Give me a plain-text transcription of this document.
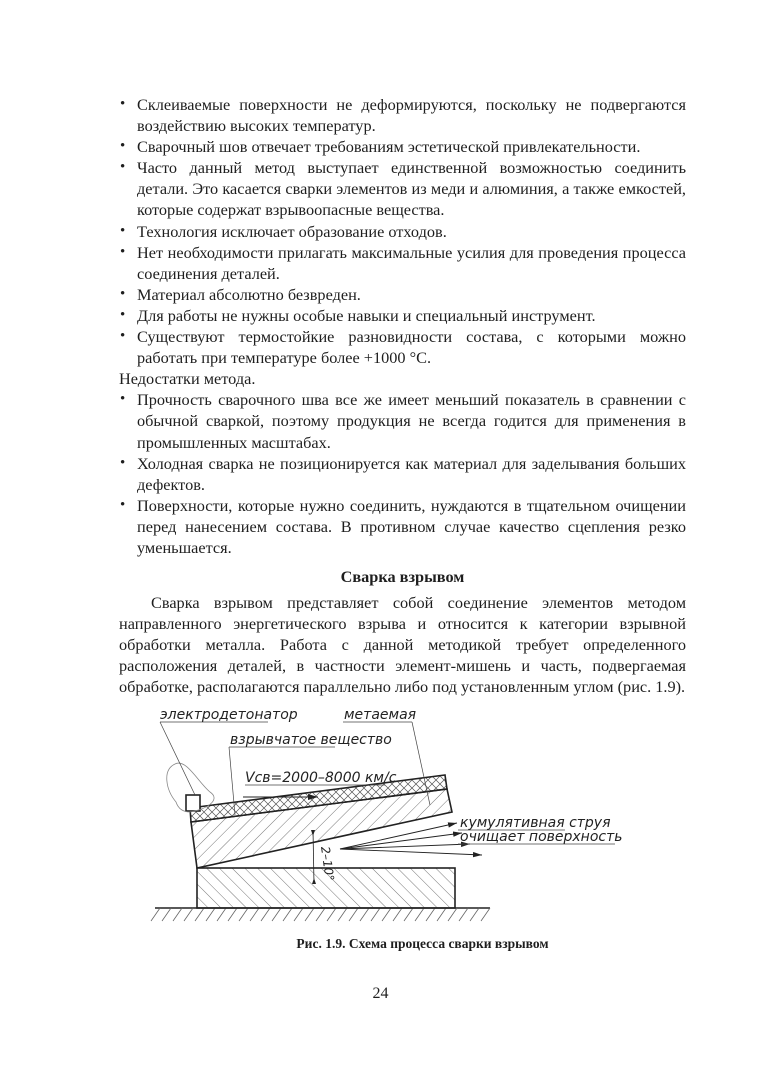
• Склеиваемые поверхности не деформируются, поскольку не подвергаются воздействию высоких температур.
• Сварочный шов отвечает требованиям эстетической привлекательности.
• Часто данный метод выступает единственной возможностью соединить детали. Это касается сварки элементов из меди и алюминия, а также емкостей, которые содержат взрывоопасные вещества.
• Технология исключает образование отходов.
• Нет необходимости прилагать максимальные усилия для проведения процесса соединения деталей.
• Материал абсолютно безвреден.
• Для работы не нужны особые навыки и специальный инструмент.
• Существуют термостойкие разновидности состава, с которыми можно работать при температуре более +1000 °С.

Недостатки метода.

• Прочность сварочного шва все же имеет меньший показатель в сравнении с обычной сваркой, поэтому продукция не всегда годится для применения в промышленных масштабах.
• Холодная сварка не позиционируется как материал для заделывания больших дефектов.
• Поверхности, которые нужно соединить, нуждаются в тщательном очищении перед нанесением состава. В противном случае качество сцепления резко уменьшается.
Сварка взрывом
Сварка взрывом представляет собой соединение элементов методом направленного энергетического взрыва и относится к категории взрывной обработки металла. Работа с данной методикой требует определенного расположения деталей, в частности элемент-мишень и часть, подвергаемая обработке, располагаются параллельно либо под установленным углом (рис. 1.9).
электродетонатор	метаемая
взрывчатое вещество
Vсв=2000–8000 км/с
2–10°
кумулятивная струя
очищает поверхность
Рис. 1.9. Схема процесса сварки взрывом
24
